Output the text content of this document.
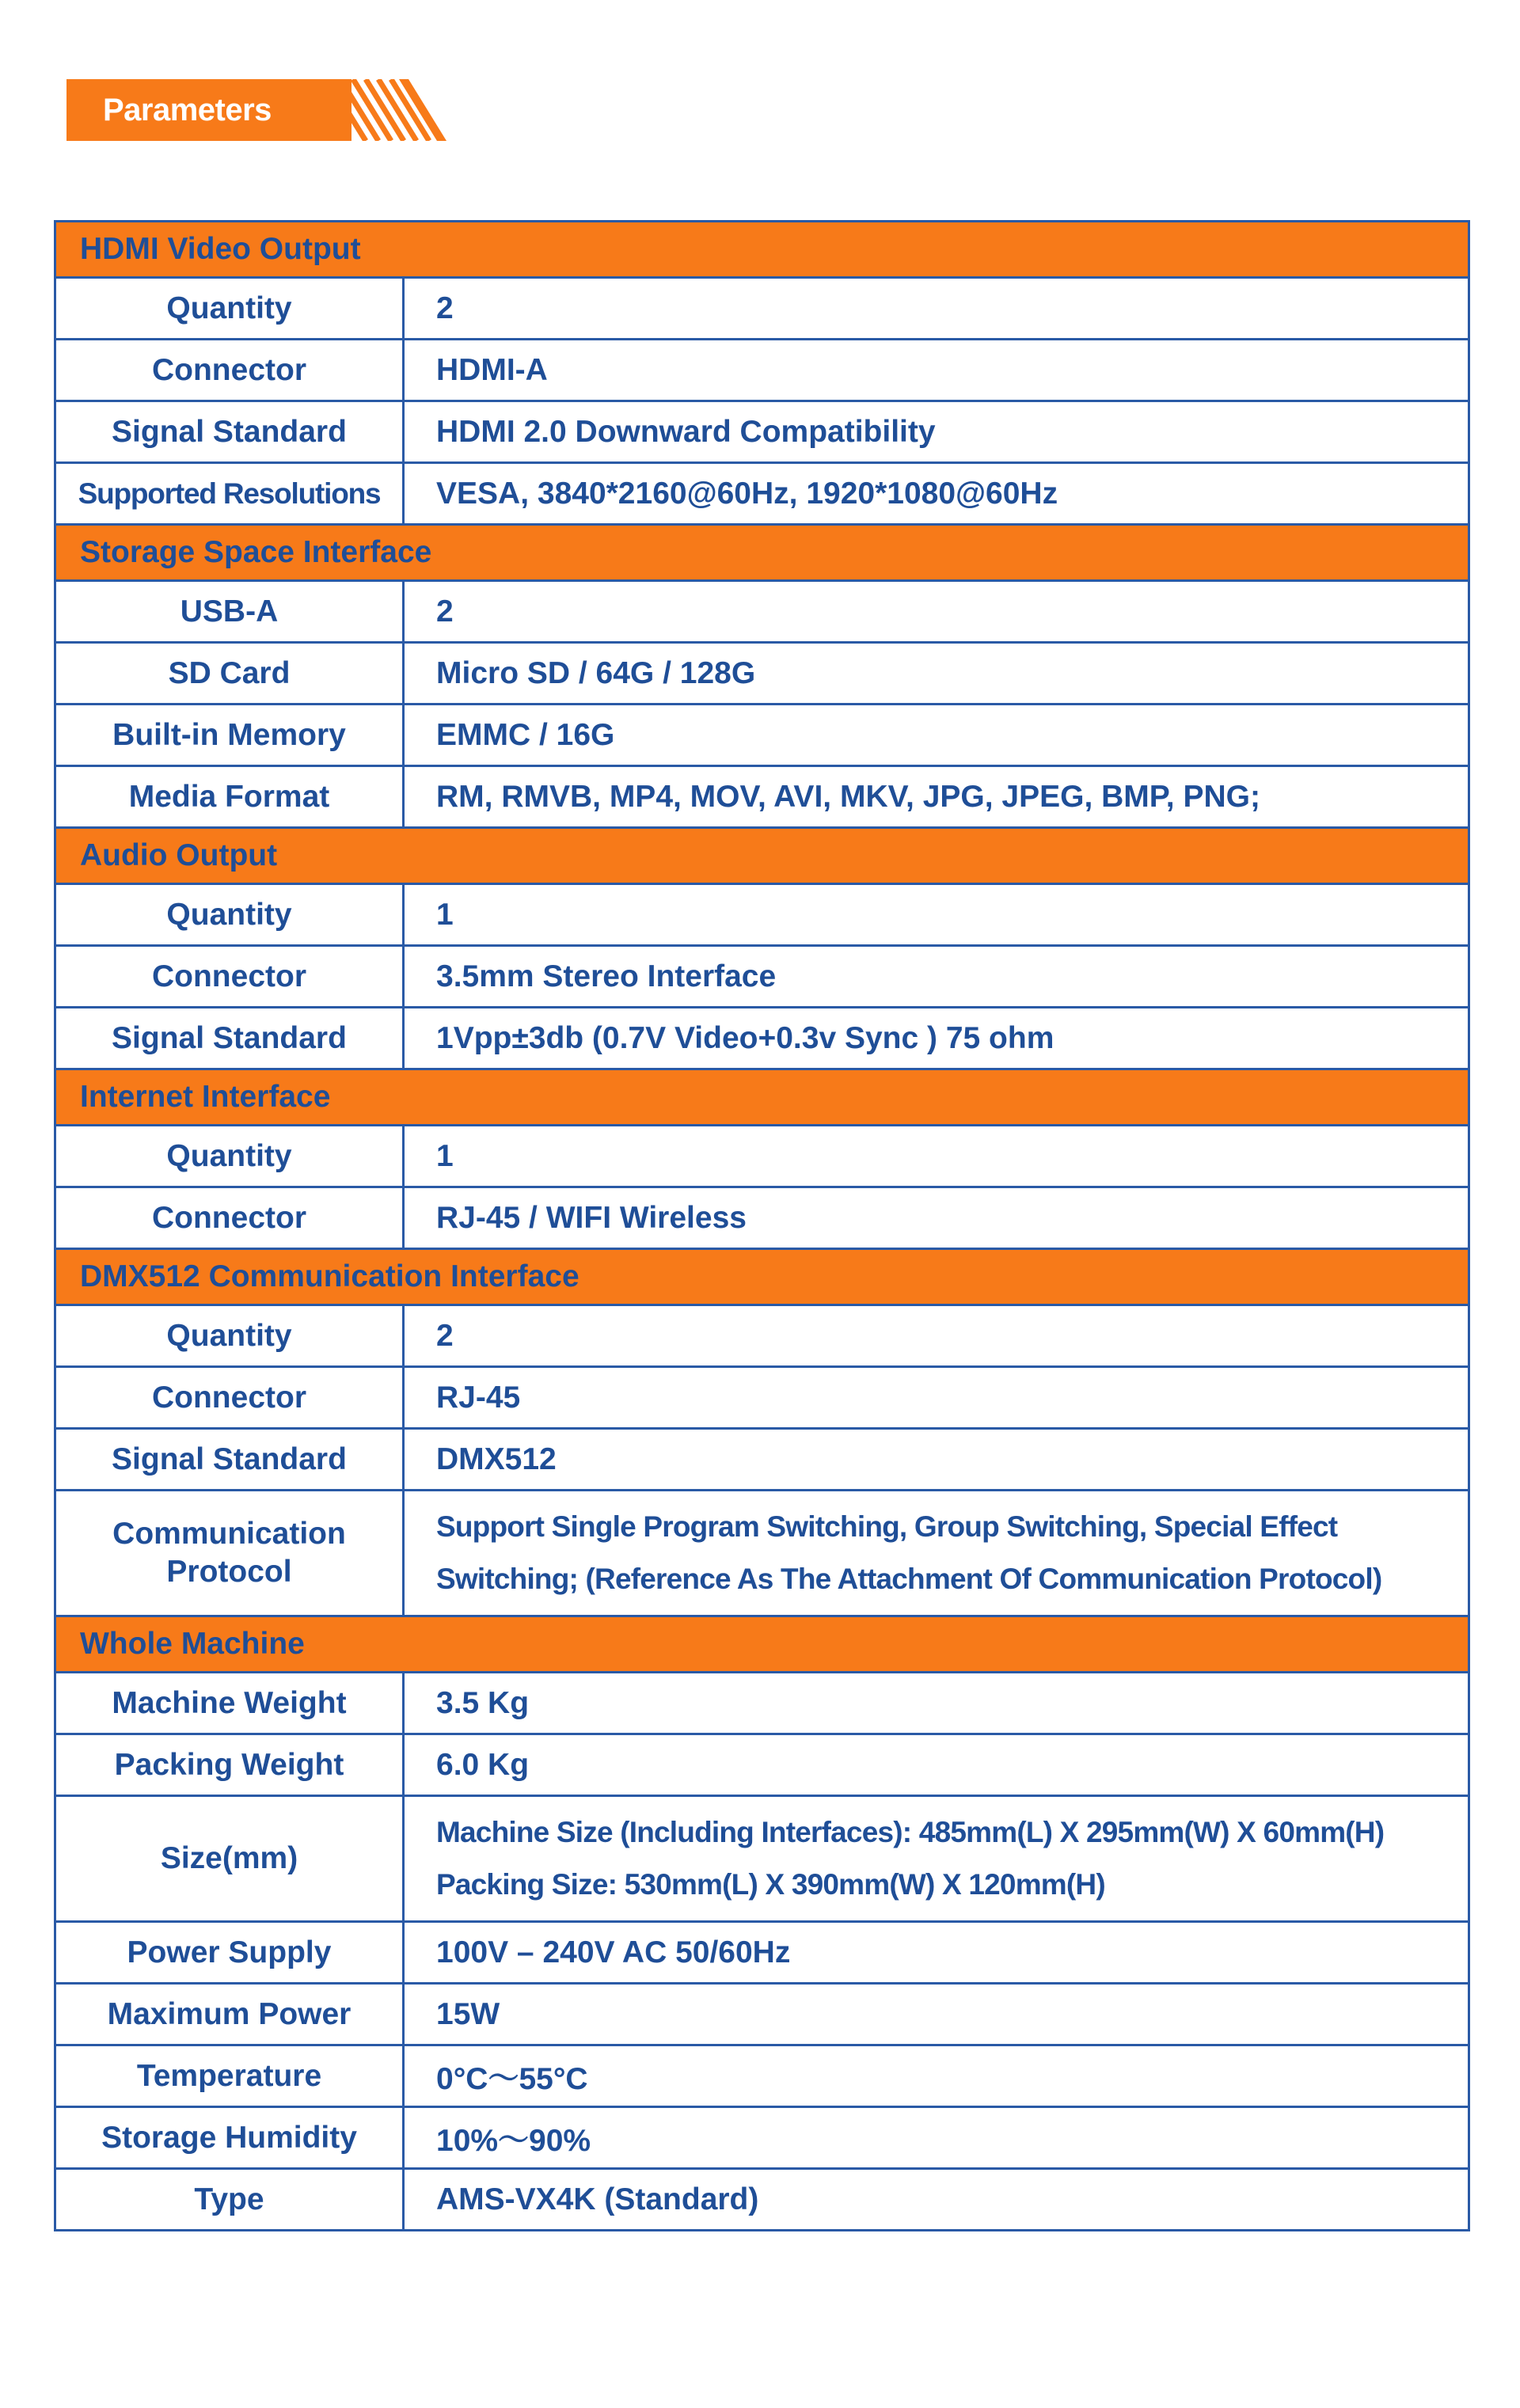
Parameters
HDMI Video Output	
Quantity	2

Connector	HDMI-A

Signal Standard	HDMI 2.0 Downward Compatibility

Supported Resolutions	VESA, 3840*2160@60Hz, 1920*1080@60Hz

Storage Space Interface	
USB-A	2

SD Card	Micro SD / 64G / 128G

Built-in Memory	EMMC / 16G

Media Format	RM, RMVB, MP4, MOV, AVI, MKV, JPG, JPEG, BMP, PNG;

Audio Output	
Quantity	1

Connector	3.5mm Stereo Interface

Signal Standard	1Vpp±3db (0.7V Video+0.3v Sync ) 75 ohm

Internet Interface	
Quantity	1

Connector	RJ-45 / WIFI Wireless

DMX512 Communication Interface	
Quantity	2

Connector	RJ-45

Signal Standard	DMX512

Communication Protocol	Support Single Program Switching, Group Switching, Special Effect
Switching; (Reference As The Attachment Of Communication Protocol)

Whole Machine	
Machine Weight	3.5 Kg

Packing Weight	6.0 Kg

Size(mm)	Machine Size (Including Interfaces): 485mm(L) X 295mm(W) X 60mm(H)
Packing Size: 530mm(L) X 390mm(W) X 120mm(H)

Power Supply	100V – 240V AC 50/60Hz

Maximum Power	15W

Temperature	0°C～55°C

Storage Humidity	10%～90%

Type	AMS-VX4K (Standard)
